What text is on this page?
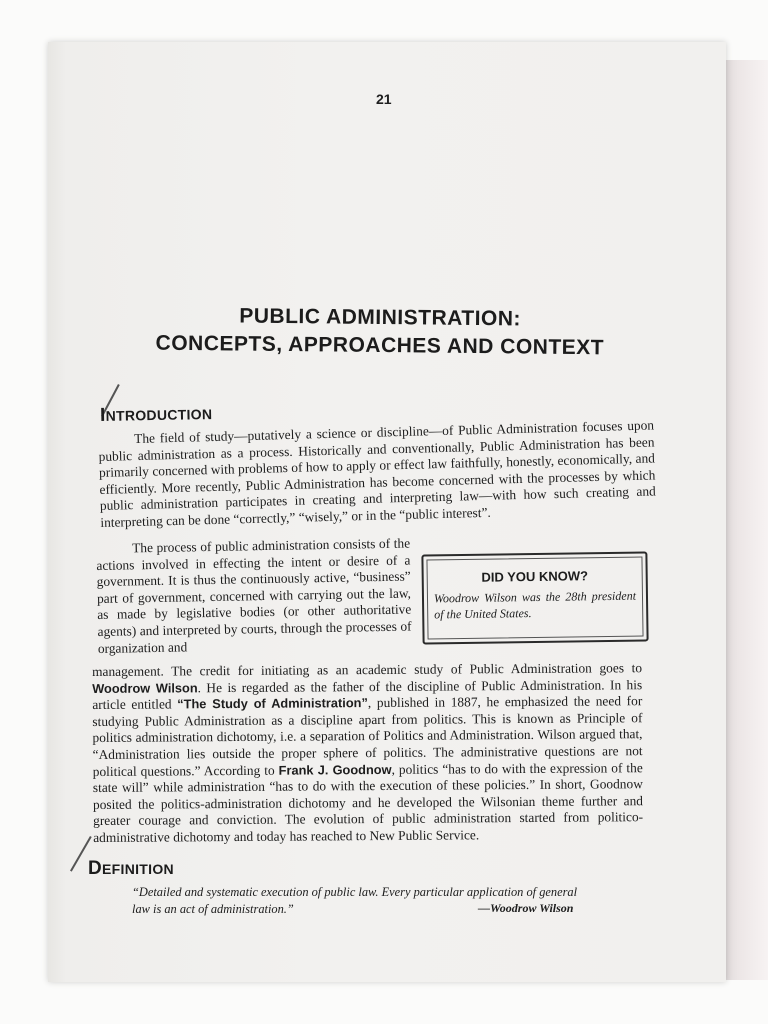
21
PUBLIC ADMINISTRATION:
CONCEPTS, APPROACHES AND CONTEXT
INTRODUCTION
The field of study—putatively a science or discipline—of Public Administration focuses upon public administration as a process. Historically and conventionally, Public Administration has been primarily concerned with problems of how to apply or effect law faithfully, honestly, economically, and efficiently. More recently, Public Administration has become concerned with the processes by which public administration participates in creating and interpreting law—with how such creating and interpreting can be done “correctly,” “wisely,” or in the “public interest”.
The process of public administration consists of the actions involved in effecting the intent or desire of a government. It is thus the continuously active, “business” part of government, concerned with carrying out the law, as made by legislative bodies (or other authoritative agents) and interpreted by courts, through the processes of organization and
DID YOU KNOW?
Woodrow Wilson was the 28th president of the United States.
management. The credit for initiating as an academic study of Public Administration goes to Woodrow Wilson. He is regarded as the father of the discipline of Public Administration. In his article entitled “The Study of Administration”, published in 1887, he emphasized the need for studying Public Administration as a discipline apart from politics. This is known as Principle of politics administration dichotomy, i.e. a separation of Politics and Administration. Wilson argued that, “Administration lies outside the proper sphere of politics. The administrative questions are not political questions.” According to Frank J. Goodnow, politics “has to do with the expression of the state will” while administration “has to do with the execution of these policies.” In short, Goodnow posited the politics-administration dichotomy and he developed the Wilsonian theme further and greater courage and conviction. The evolution of public administration started from politico-administrative dichotomy and today has reached to New Public Service.
DEFINITION
“Detailed and systematic execution of public law. Every particular application of general law is an act of administration.”	—Woodrow Wilson
